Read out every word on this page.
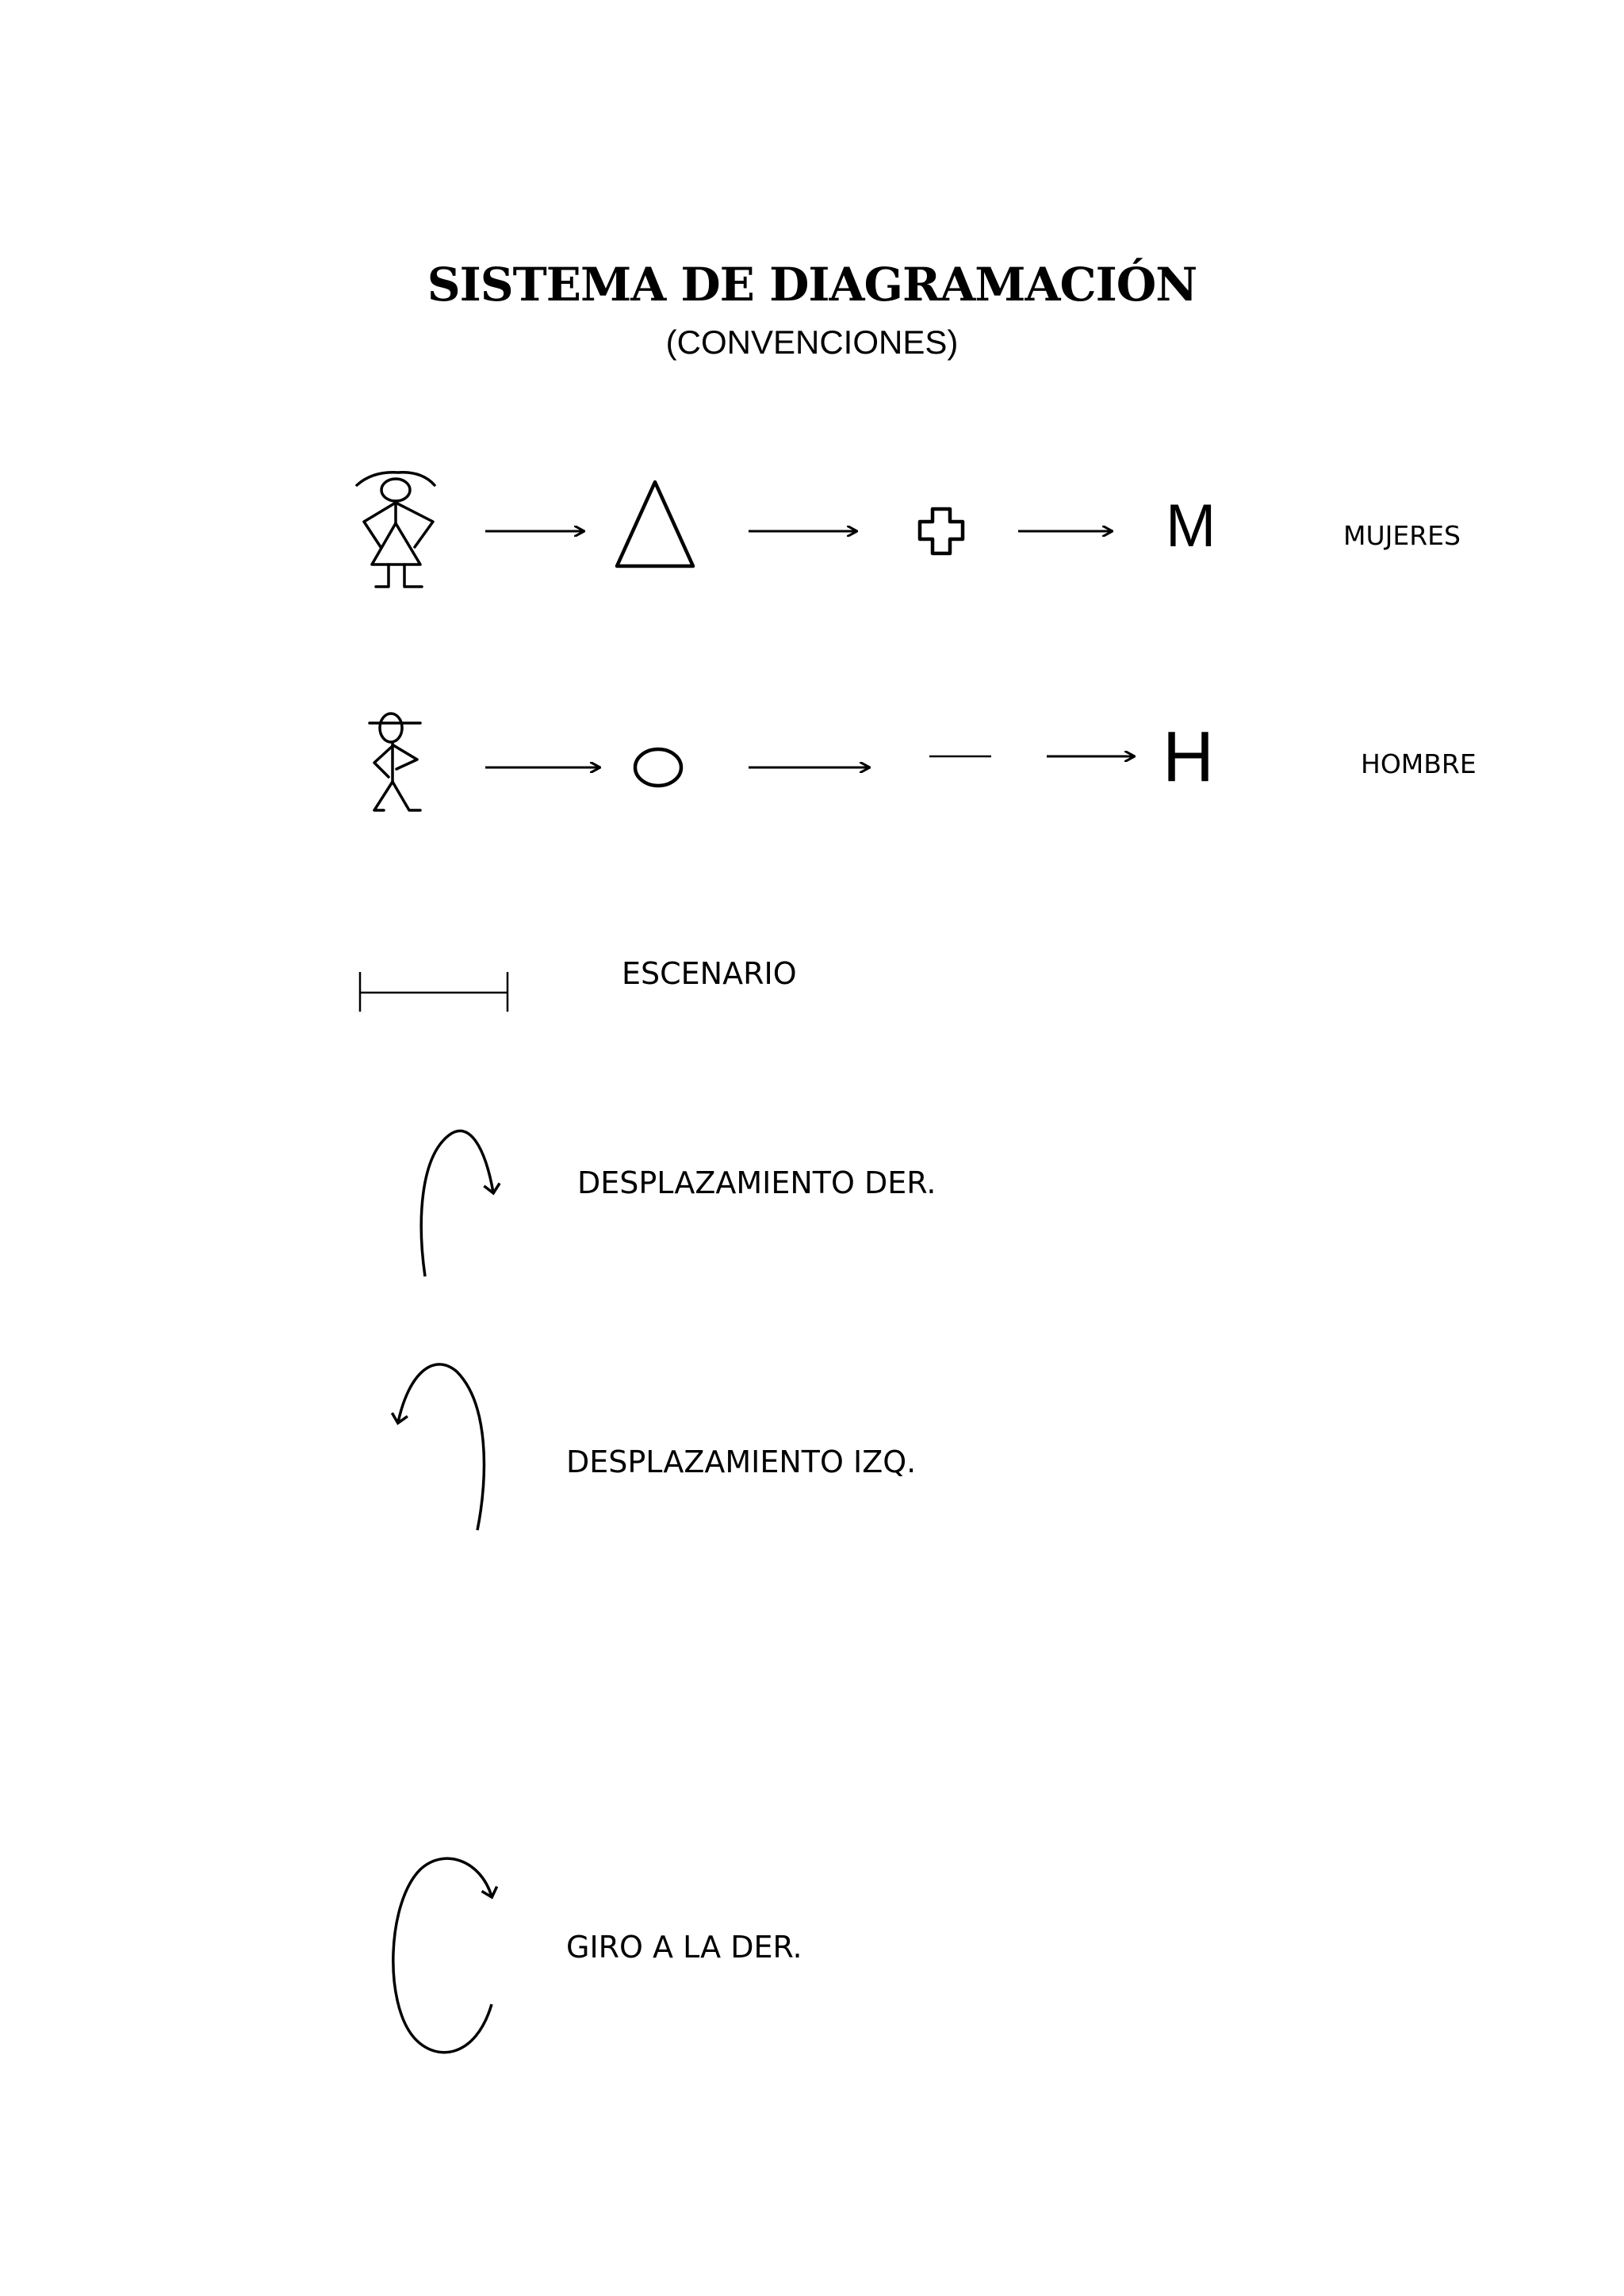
SISTEMA DE DIAGRAMACIÓN
(CONVENCIONES)
M
H
MUJERES
HOMBRE
ESCENARIO
DESPLAZAMIENTO DER.
DESPLAZAMIENTO IZQ.
GIRO A LA DER.
